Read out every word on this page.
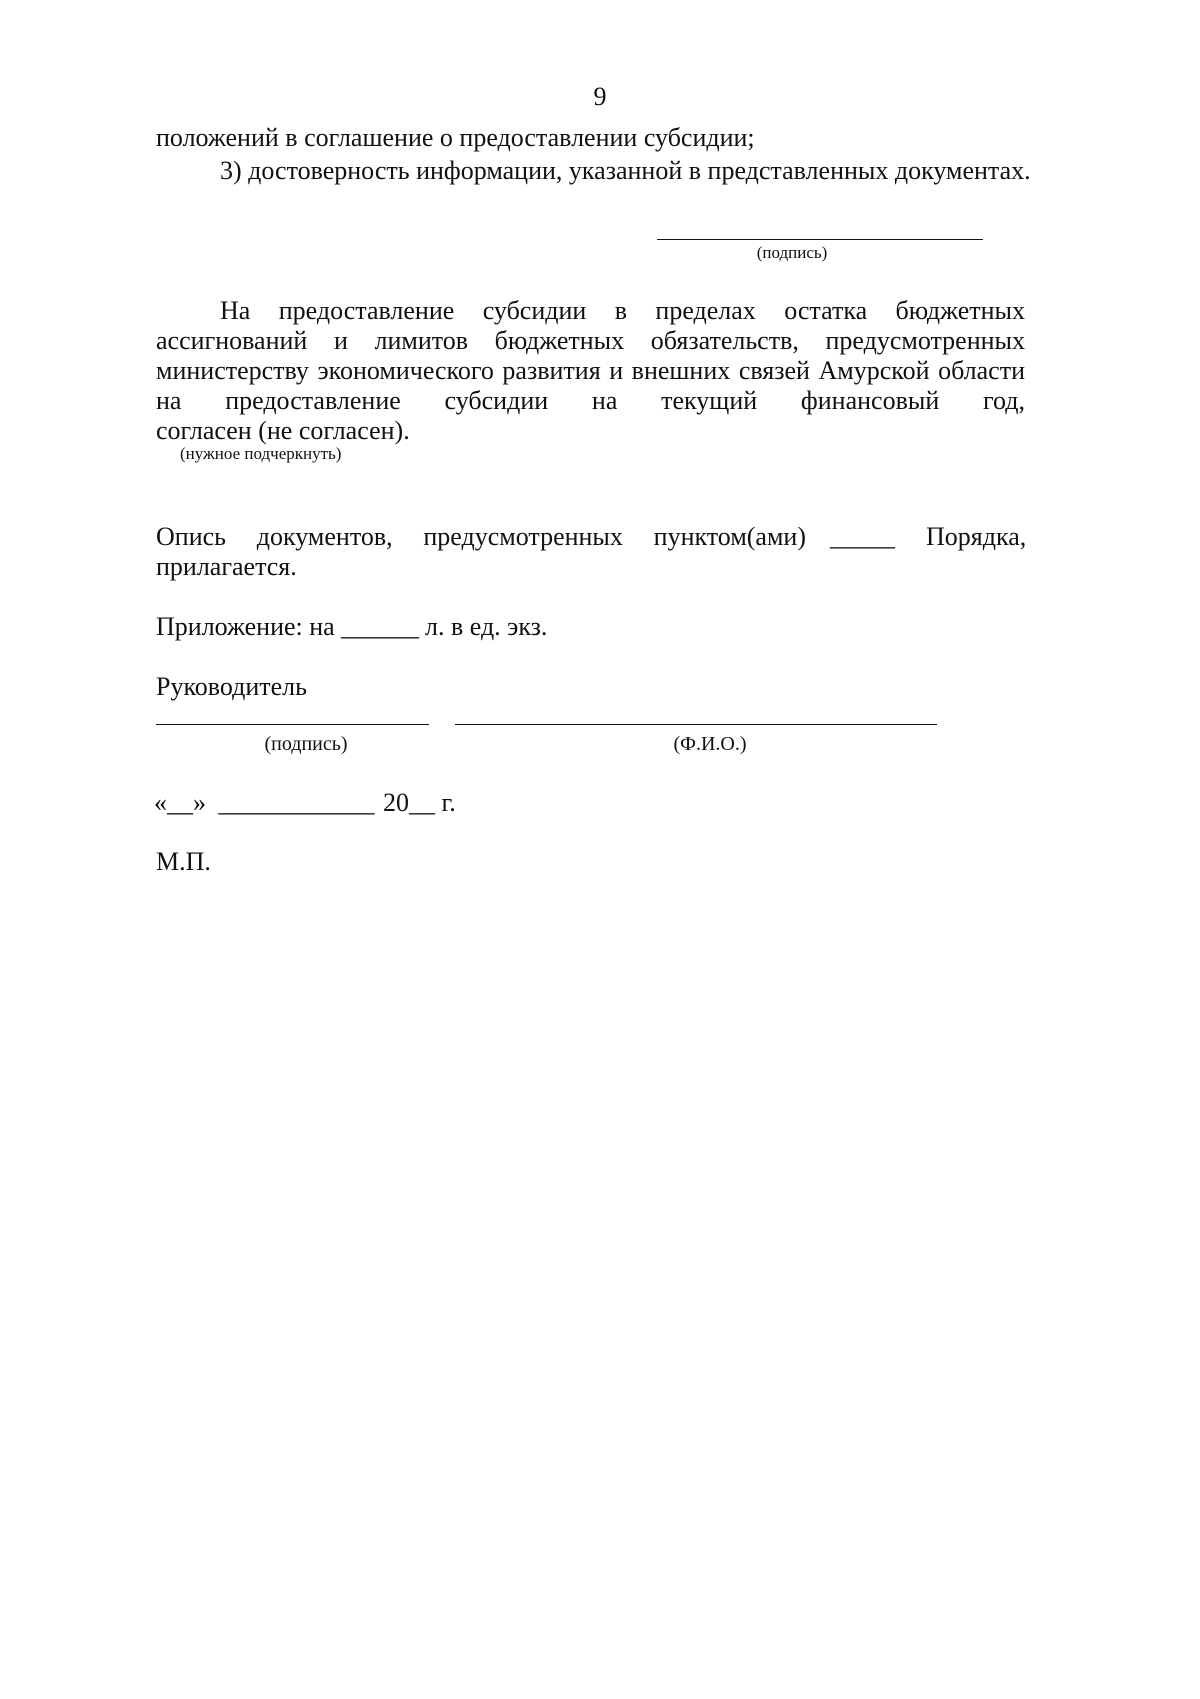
9
положений в соглашение о предоставлении субсидии;
3) достоверность информации, указанной в представленных документах.
(подпись)
На предоставление субсидии в пределах остатка бюджетных
ассигнований и лимитов бюджетных обязательств, предусмотренных
министерству экономического развития и внешних связей Амурской области
на предоставление субсидии на текущий финансовый год,
согласен (не согласен).
(нужное подчеркнуть)
Опись документов, предусмотренных пунктом(ами) _____ Порядка,
прилагается.
Приложение: на ______ л. в ед. экз.
Руководитель
(подпись)	(Ф.И.О.)
«__» ____________ 20__ г.
М.П.
